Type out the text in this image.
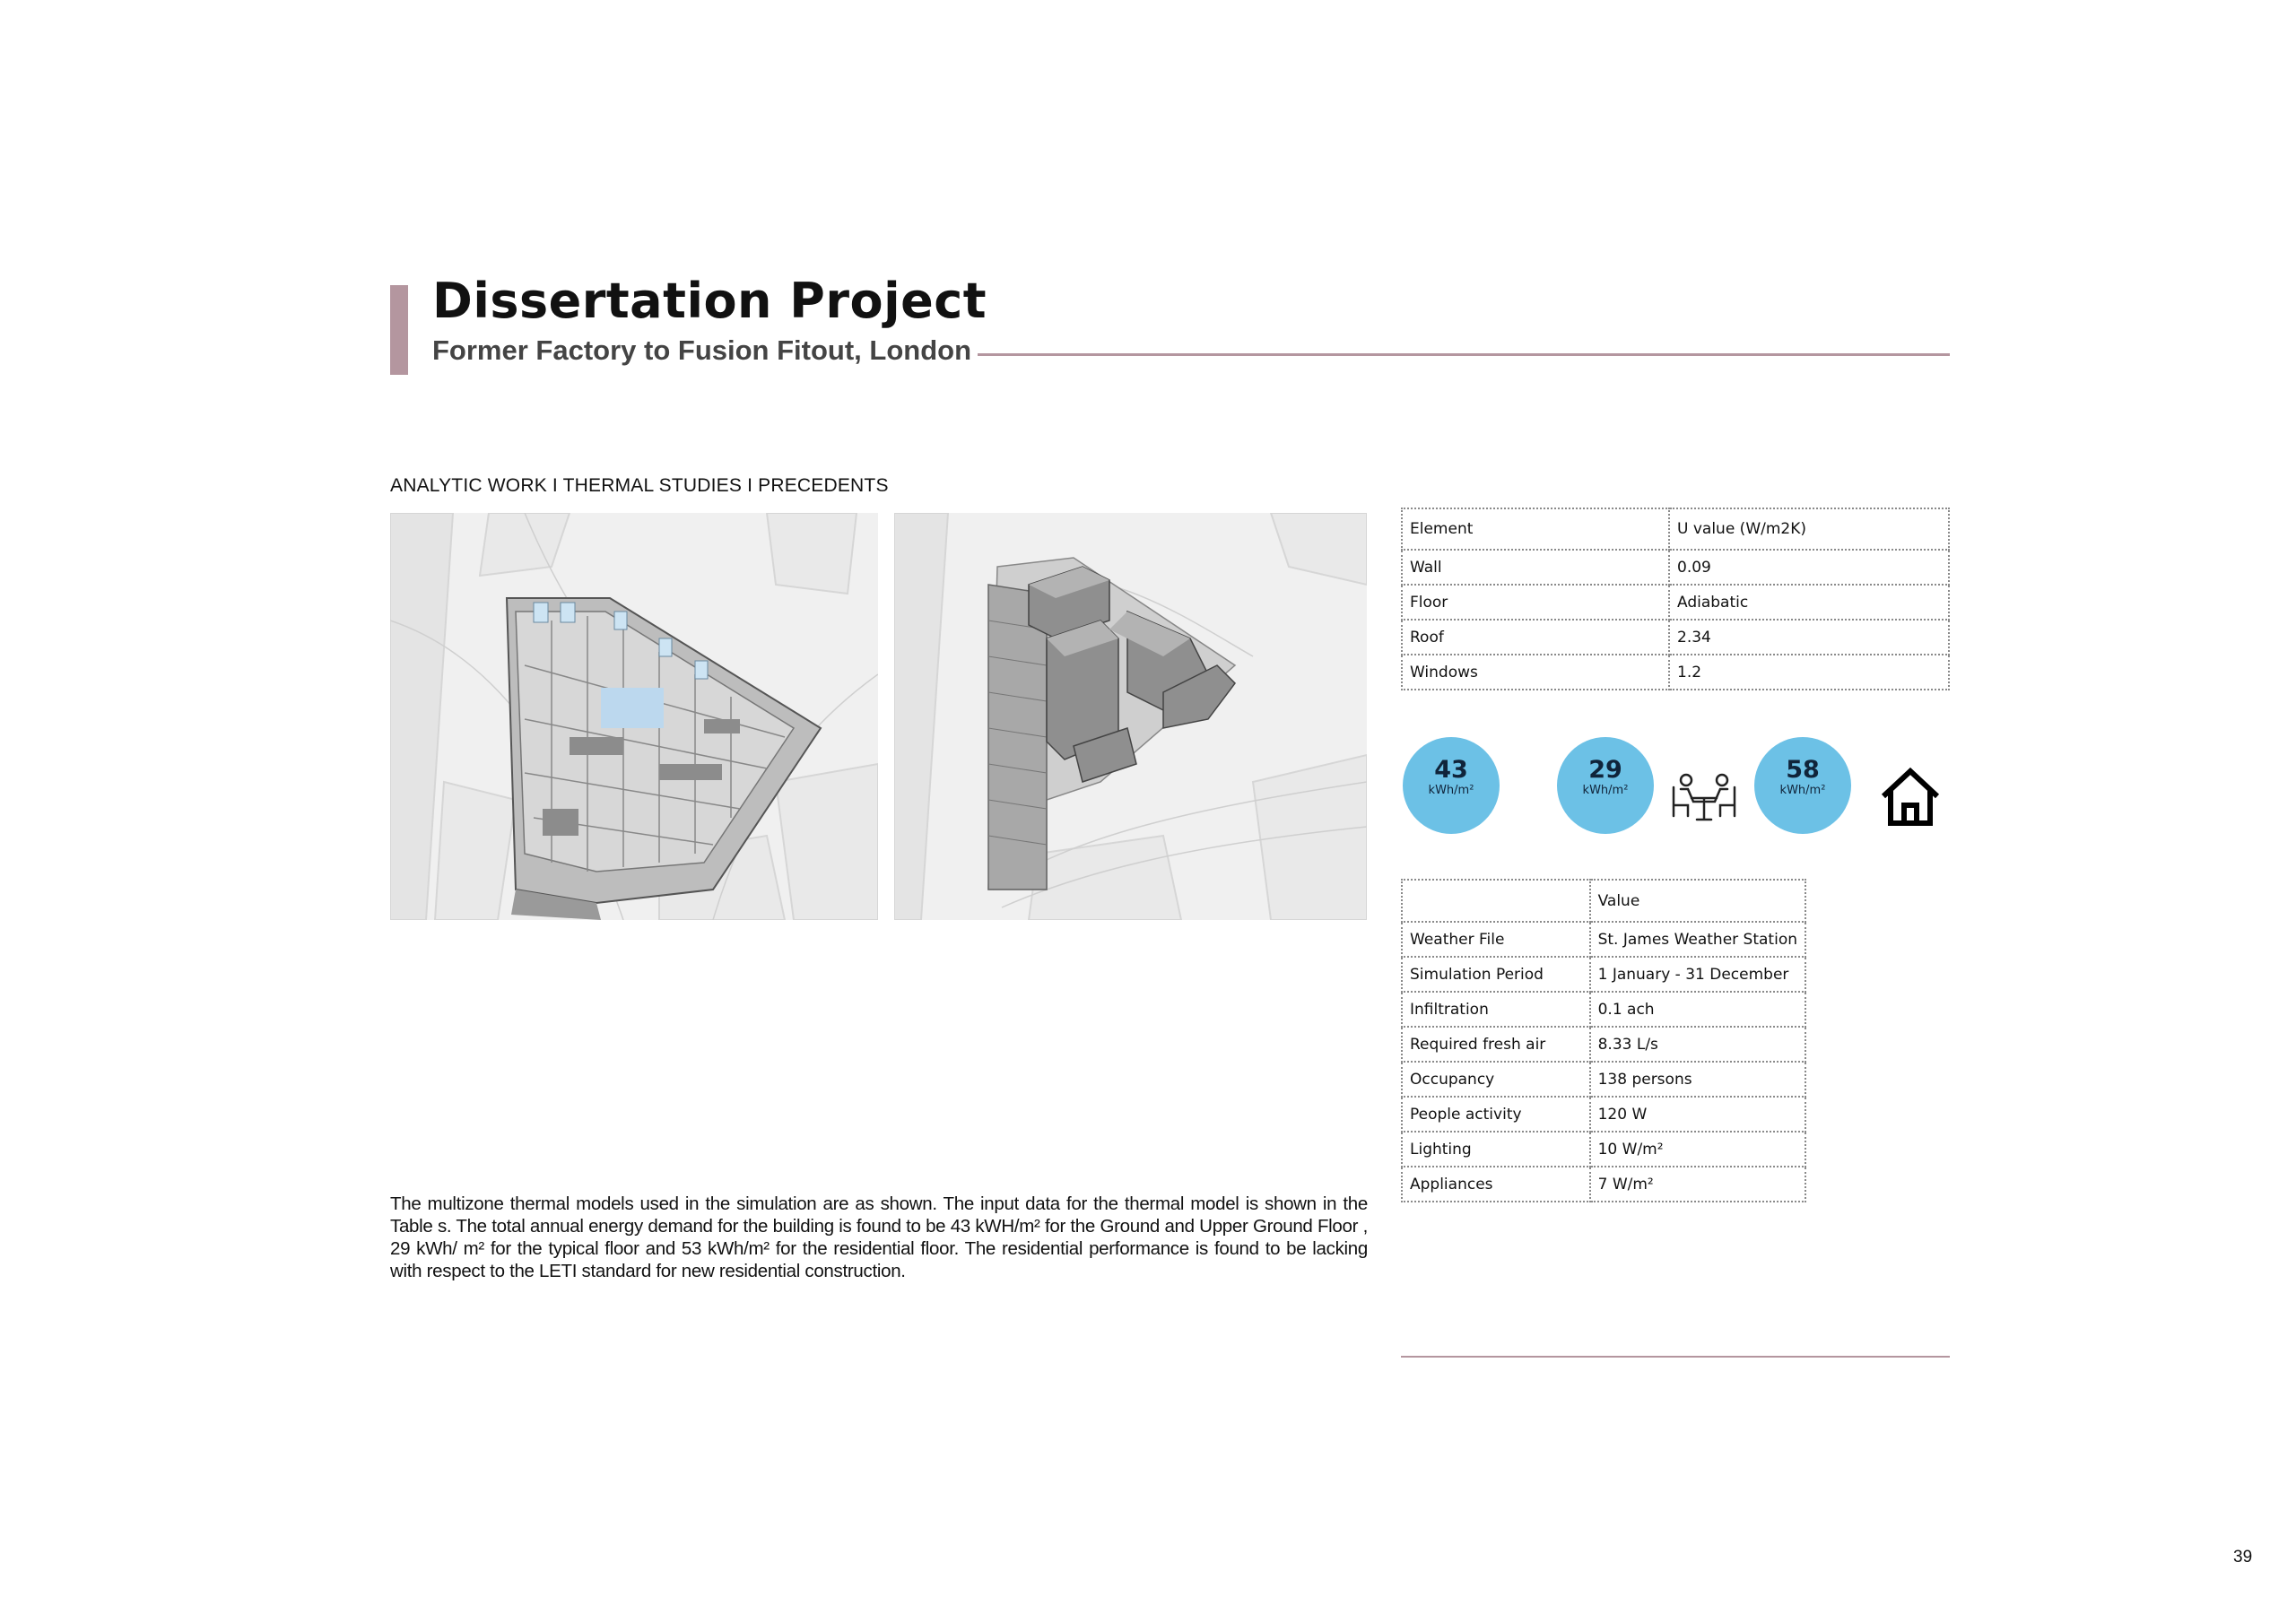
Dissertation Project
Former Factory to Fusion Fitout, London
ANALYTIC WORK I THERMAL STUDIES I PRECEDENTS
Element	U value (W/m2K)
Wall	0.09
Floor	Adiabatic
Roof	2.34
Windows	1.2
43
kWh/m²
29
kWh/m²
58
kWh/m²
	Value
Weather File	St. James Weather Station
Simulation Period	1 January - 31 December
Infiltration	0.1 ach
Required fresh air	8.33 L/s
Occupancy	138 persons
People activity	120 W
Lighting	10 W/m²
Appliances	7 W/m²
The multizone thermal models used in the simulation are as shown. The input data for the thermal model is shown in the Table s. The total annual energy demand for the building is found to be 43 kWH/m² for the Ground and Upper Ground Floor , 29 kWh/ m² for the typical floor and 53 kWh/m² for the residential floor. The residential performance is found to be lacking with respect to the LETI standard for new residential construction.
39
